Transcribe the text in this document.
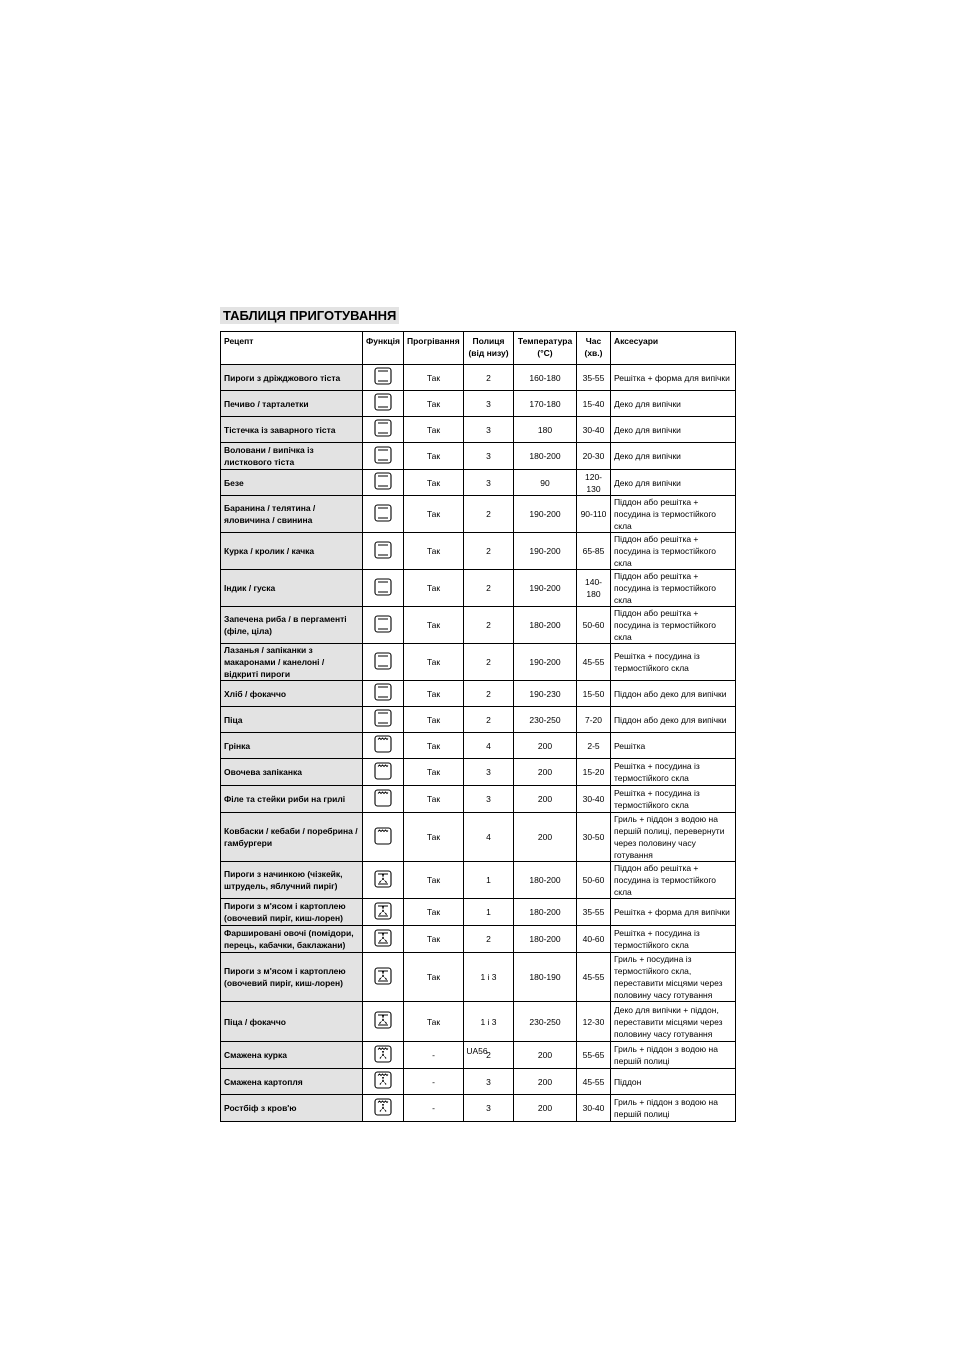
ТАБЛИЦЯ ПРИГОТУВАННЯ
Рецепт	Функція	Прогрівання	Полиця (від низу)	Температура (°C)	Час (хв.)	Аксесуари
Пироги з дріжджового тіста		Так	2	160-180	35-55	Решітка + форма для випічки
Печиво / тарталетки		Так	3	170-180	15-40	Деко для випічки
Тістечка із заварного тіста		Так	3	180	30-40	Деко для випічки
Воловани / випічка із листкового тіста		Так	3	180-200	20-30	Деко для випічки
Безе		Так	3	90	120-130	Деко для випічки
Баранина / телятина / яловичина / свинина		Так	2	190-200	90-110	Піддон або решітка + посудина із термостійкого скла
Курка / кролик / качка		Так	2	190-200	65-85	Піддон або решітка + посудина із термостійкого скла
Індик / гуска		Так	2	190-200	140-180	Піддон або решітка + посудина із термостійкого скла
Запечена риба / в пергаменті (філе, ціла)		Так	2	180-200	50-60	Піддон або решітка + посудина із термостійкого скла
Лазанья / запіканки з макаронами / канелоні / відкриті пироги		Так	2	190-200	45-55	Решітка + посудина із термостійкого скла
Хліб / фокаччо		Так	2	190-230	15-50	Піддон або деко для випічки
Піца		Так	2	230-250	7-20	Піддон або деко для випічки
Грінка		Так	4	200	2-5	Решітка
Овочева запіканка		Так	3	200	15-20	Решітка + посудина із термостійкого скла
Філе та стейки риби на грилі		Так	3	200	30-40	Решітка + посудина із термостійкого скла
Ковбаски / кебаби / поребрина / гамбургери		Так	4	200	30-50	Гриль + піддон з водою на першій полиці, перевернути через половину часу готування
Пироги з начинкою (чізкейк, штрудель, яблучний пиріг)		Так	1	180-200	50-60	Піддон або решітка + посудина із термостійкого скла
Пироги з м'ясом і картоплею (овочевий пиріг, киш-лорен)		Так	1	180-200	35-55	Решітка + форма для випічки
Фаршировані овочі (помідори, перець, кабачки, баклажани)		Так	2	180-200	40-60	Решітка + посудина із термостійкого скла
Пироги з м'ясом і картоплею (овочевий пиріг, киш-лорен)		Так	1 і 3	180-190	45-55	Гриль + посудина із термостійкого скла, переставити місцями через половину часу готування
Піца / фокаччо		Так	1 і 3	230-250	12-30	Деко для випічки + піддон, переставити місцями через половину часу готування
Смажена курка		-	2	200	55-65	Гриль + піддон з водою на першій полиці
Смажена картопля		-	3	200	45-55	Піддон
Ростбіф з кров'ю		-	3	200	30-40	Гриль + піддон з водою на першій полиці
UA56
